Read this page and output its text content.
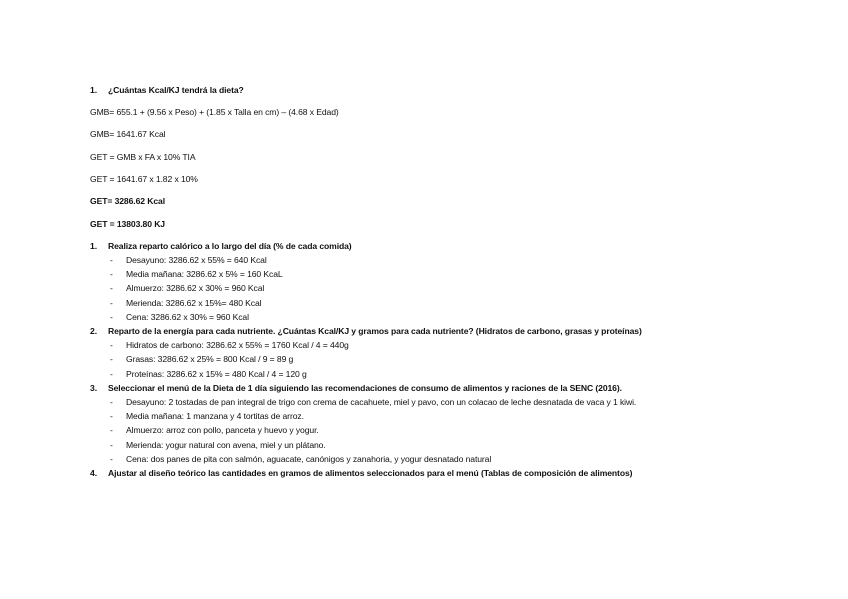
1. ¿Cuántas Kcal/KJ tendrá la dieta?
GMB= 655.1 + (9.56 x Peso) + (1.85 x Talla en cm) – (4.68 x Edad)
GMB= 1641.67 Kcal
GET = GMB x FA x 10% TIA
GET = 1641.67 x 1.82 x 10%
GET= 3286.62 Kcal
GET = 13803.80 KJ
1. Realiza reparto calórico a lo largo del día (% de cada comida)
- Desayuno: 3286.62 x 55% = 640 Kcal
- Media mañana: 3286.62 x 5% = 160 KcaL
- Almuerzo: 3286.62 x 30% = 960 Kcal
- Merienda: 3286.62 x 15%= 480 Kcal
- Cena: 3286.62 x 30% = 960 Kcal
2. Reparto de la energía para cada nutriente. ¿Cuántas Kcal/KJ y gramos para cada nutriente? (Hidratos de carbono, grasas y proteínas)
- Hidratos de carbono: 3286.62 x 55% = 1760 Kcal / 4 = 440g
- Grasas: 3286.62 x 25% = 800 Kcal / 9 = 89 g
- Proteínas: 3286.62 x 15% = 480 Kcal / 4 = 120 g
3. Seleccionar el menú de la Dieta de 1 día siguiendo las recomendaciones de consumo de alimentos y raciones de la SENC (2016).
- Desayuno: 2 tostadas de pan integral de trigo con crema de cacahuete, miel y pavo, con un colacao de leche desnatada de vaca y 1 kiwi.
- Media mañana: 1 manzana y 4 tortitas de arroz.
- Almuerzo: arroz con pollo, panceta y huevo y yogur.
- Merienda: yogur natural con avena, miel y un plátano.
- Cena: dos panes de pita con salmón, aguacate, canónigos y zanahoria, y yogur desnatado natural
4. Ajustar al diseño teórico las cantidades en gramos de alimentos seleccionados para el menú (Tablas de composición de alimentos)
